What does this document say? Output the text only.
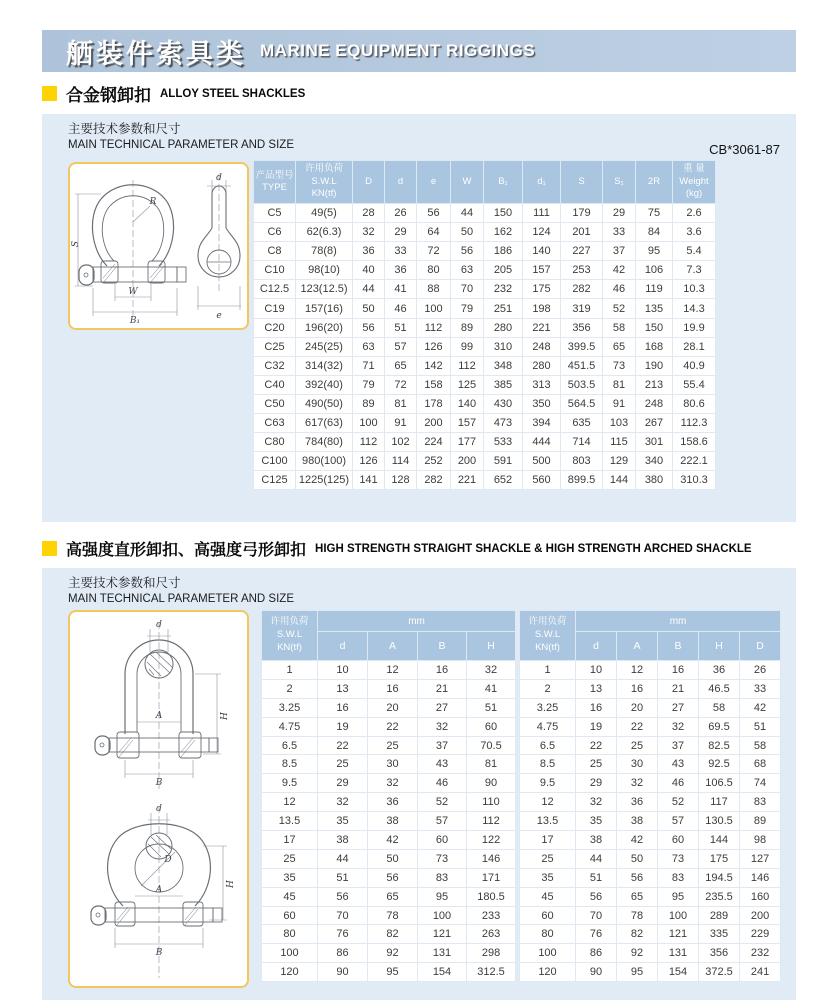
舾装件索具类 MARINE EQUIPMENT RIGGINGS
合金钢卸扣 ALLOY STEEL SHACKLES
主要技术参数和尺寸
MAIN TECHNICAL PARAMETER AND SIZE	CB*3061-87
S
R
W
B₁
d
e
产品型号
TYPE	许用负荷
S.W.L
KN(tf)	D	d	e	W	B₁	d₁	S	S₁	2R	重 量
Weight
(kg)
C5	49(5)	28	26	56	44	150	111	179	29	75	2.6
C6	62(6.3)	32	29	64	50	162	124	201	33	84	3.6
C8	78(8)	36	33	72	56	186	140	227	37	95	5.4
C10	98(10)	40	36	80	63	205	157	253	42	106	7.3
C12.5	123(12.5)	44	41	88	70	232	175	282	46	119	10.3
C19	157(16)	50	46	100	79	251	198	319	52	135	14.3
C20	196(20)	56	51	112	89	280	221	356	58	150	19.9
C25	245(25)	63	57	126	99	310	248	399.5	65	168	28.1
C32	314(32)	71	65	142	112	348	280	451.5	73	190	40.9
C40	392(40)	79	72	158	125	385	313	503.5	81	213	55.4
C50	490(50)	89	81	178	140	430	350	564.5	91	248	80.6
C63	617(63)	100	91	200	157	473	394	635	103	267	112.3
C80	784(80)	112	102	224	177	533	444	714	115	301	158.6
C100	980(100)	126	114	252	200	591	500	803	129	340	222.1
C125	1225(125)	141	128	282	221	652	560	899.5	144	380	310.3
高强度直形卸扣、高强度弓形卸扣 HIGH STRENGTH STRAIGHT SHACKLE & HIGH STRENGTH ARCHED SHACKLE
主要技术参数和尺寸
MAIN TECHNICAL PARAMETER AND SIZE
d
H
A
B
d
D
H
A
B
许用负荷
S.W.L
KN(tf)	mm			
	d	A	B	H
1	10	12	16	32
2	13	16	21	41
3.25	16	20	27	51
4.75	19	22	32	60
6.5	22	25	37	70.5
8.5	25	30	43	81
9.5	29	32	46	90
12	32	36	52	110
13.5	35	38	57	112
17	38	42	60	122
25	44	50	73	146
35	51	56	83	171
45	56	65	95	180.5
60	70	78	100	233
80	76	82	121	263
100	86	92	131	298
120	90	95	154	312.5
许用负荷
S.W.L
KN(tf)	mm				
	d	A	B	H	D
1	10	12	16	36	26
2	13	16	21	46.5	33
3.25	16	20	27	58	42
4.75	19	22	32	69.5	51
6.5	22	25	37	82.5	58
8.5	25	30	43	92.5	68
9.5	29	32	46	106.5	74
12	32	36	52	117	83
13.5	35	38	57	130.5	89
17	38	42	60	144	98
25	44	50	73	175	127
35	51	56	83	194.5	146
45	56	65	95	235.5	160
60	70	78	100	289	200
80	76	82	121	335	229
100	86	92	131	356	232
120	90	95	154	372.5	241
